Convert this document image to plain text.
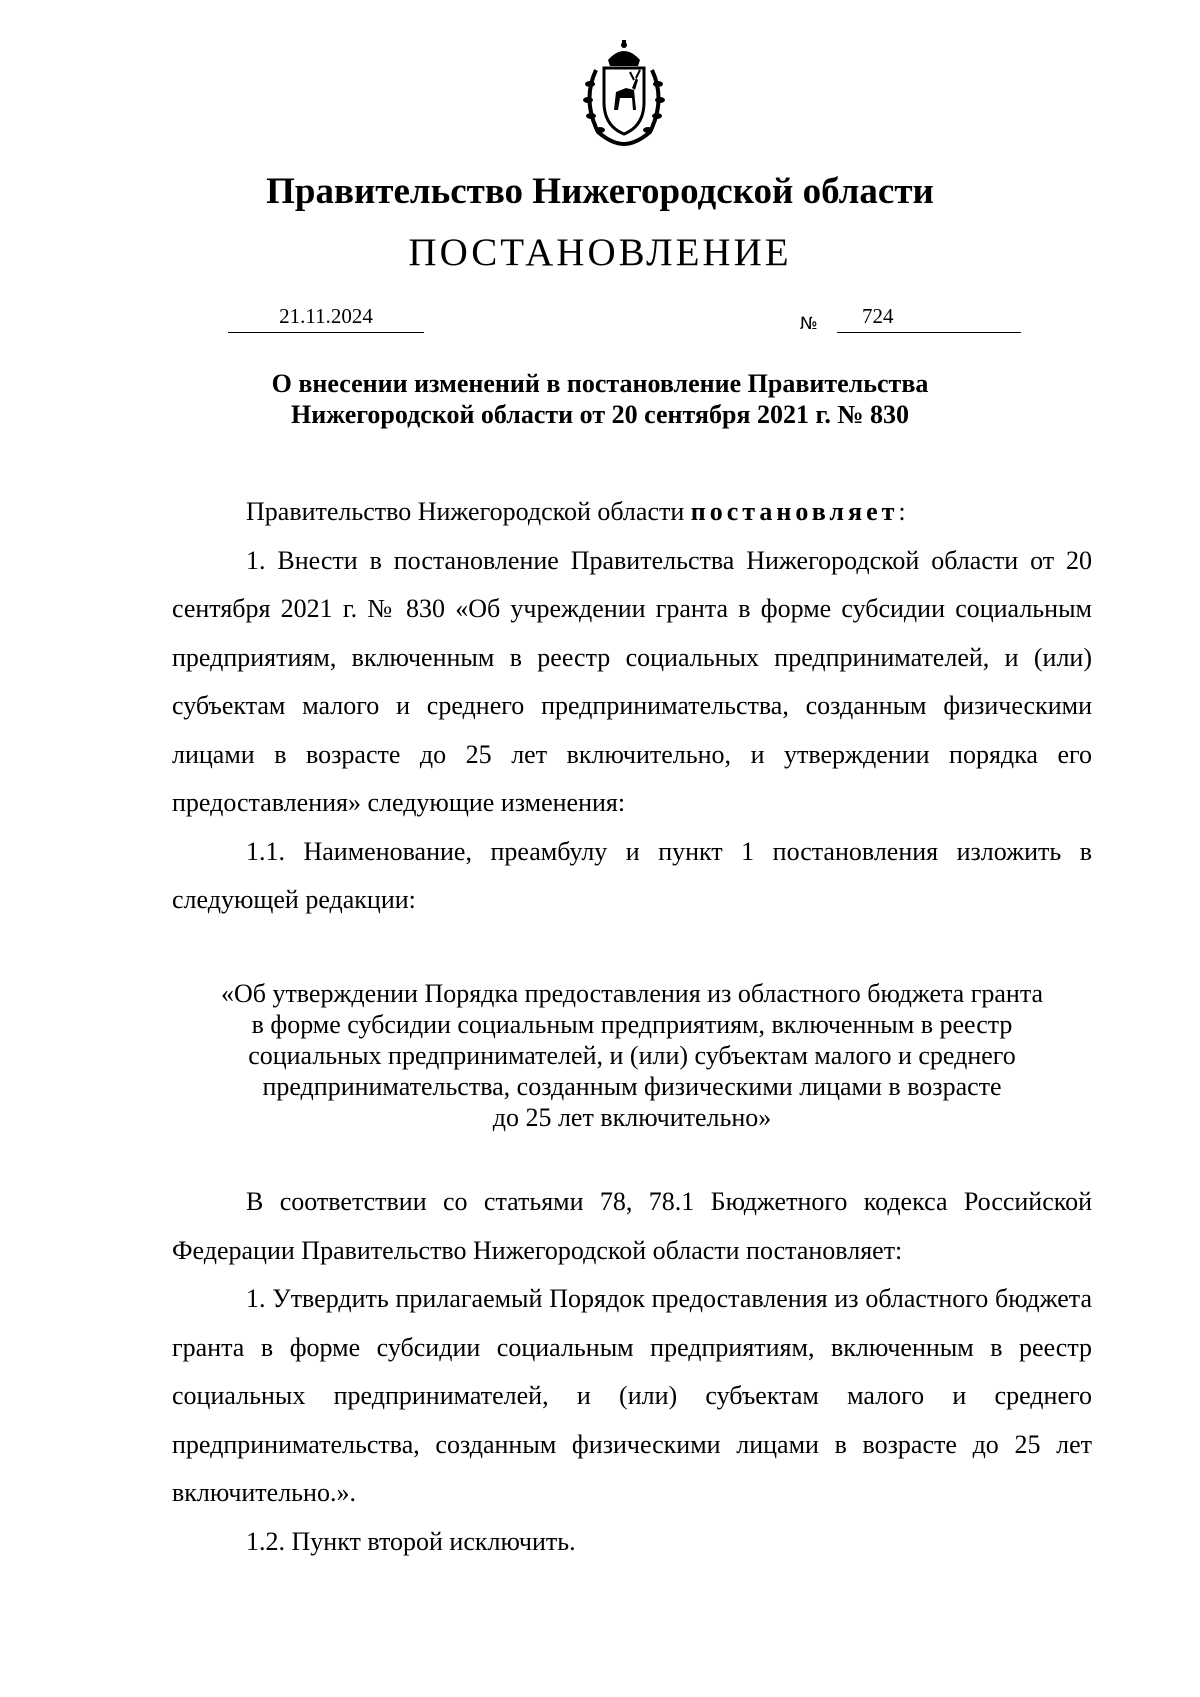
Правительство Нижегородской области
ПОСТАНОВЛЕНИЕ
21.11.2024	№	724
О внесении изменений в постановление Правительства
Нижегородской области от 20 сентября 2021 г. № 830

Правительство Нижегородской области постановляет:

1. Внести в постановление Правительства Нижегородской области от 20 сентября 2021 г. № 830 «Об учреждении гранта в форме субсидии социальным предприятиям, включенным в реестр социальных предпринимателей, и (или) субъектам малого и среднего предпринимательства, созданным физическими лицами в возрасте до 25 лет включительно, и утверждении порядка его предоставления» следующие изменения:

1.1. Наименование, преамбулу и пункт 1 постановления изложить в следующей редакции:

«Об утверждении Порядка предоставления из областного бюджета гранта
в форме субсидии социальным предприятиям, включенным в реестр
социальных предпринимателей, и (или) субъектам малого и среднего
предпринимательства, созданным физическими лицами в возрасте
до 25 лет включительно»

В соответствии со статьями 78, 78.1 Бюджетного кодекса Российской Федерации Правительство Нижегородской области постановляет:

1. Утвердить прилагаемый Порядок предоставления из областного бюджета гранта в форме субсидии социальным предприятиям, включенным в реестр социальных предпринимателей, и (или) субъектам малого и среднего предпринимательства, созданным физическими лицами в возрасте до 25 лет включительно.».

1.2. Пункт второй исключить.
